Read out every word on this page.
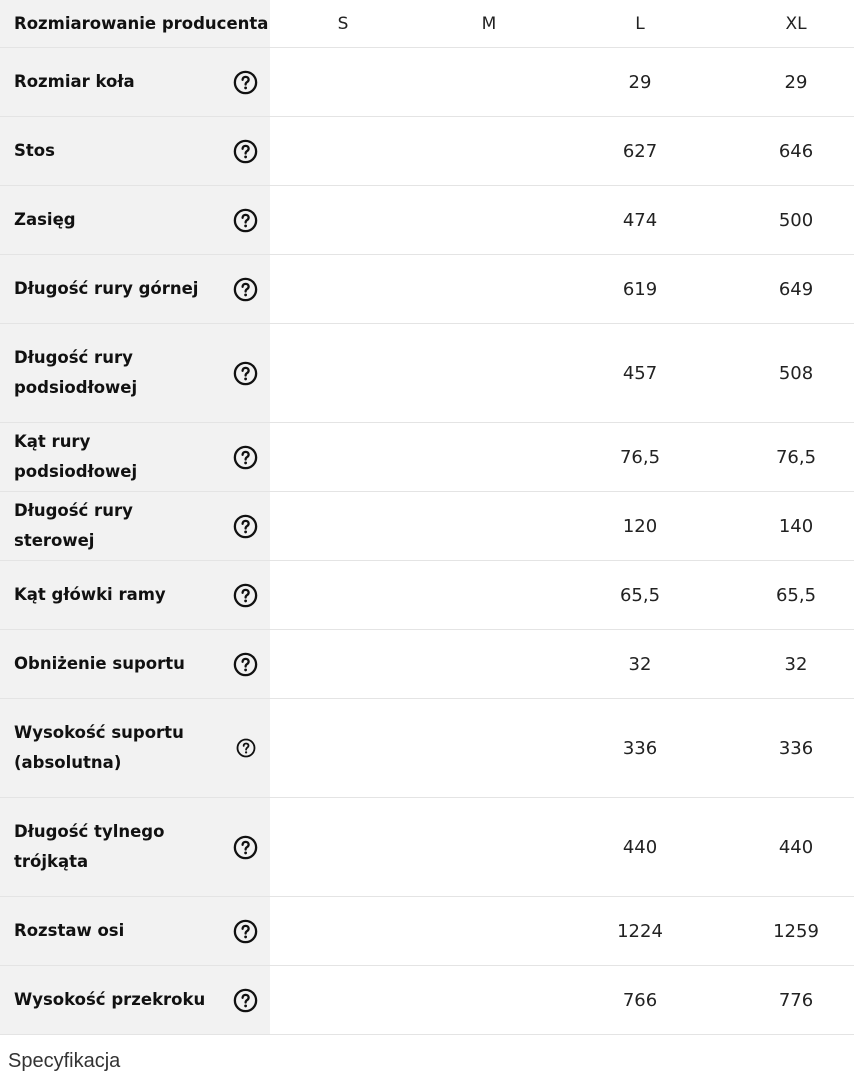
Rozmiarowanie producenta	S	M	L	XL

Rozmiar koła			29	29

Stos			627	646

Zasięg			474	500

Długość rury górnej			619	649

Długość rury podsiodłowej			457	508

Kąt rury podsiodłowej			76,5	76,5

Długość rury sterowej			120	140

Kąt główki ramy			65,5	65,5

Obniżenie suportu			32	32

Wysokość suportu (absolutna)			336	336

Długość tylnego trójkąta			440	440

Rozstaw osi			1224	1259

Wysokość przekroku			766	776
Specyfikacja
